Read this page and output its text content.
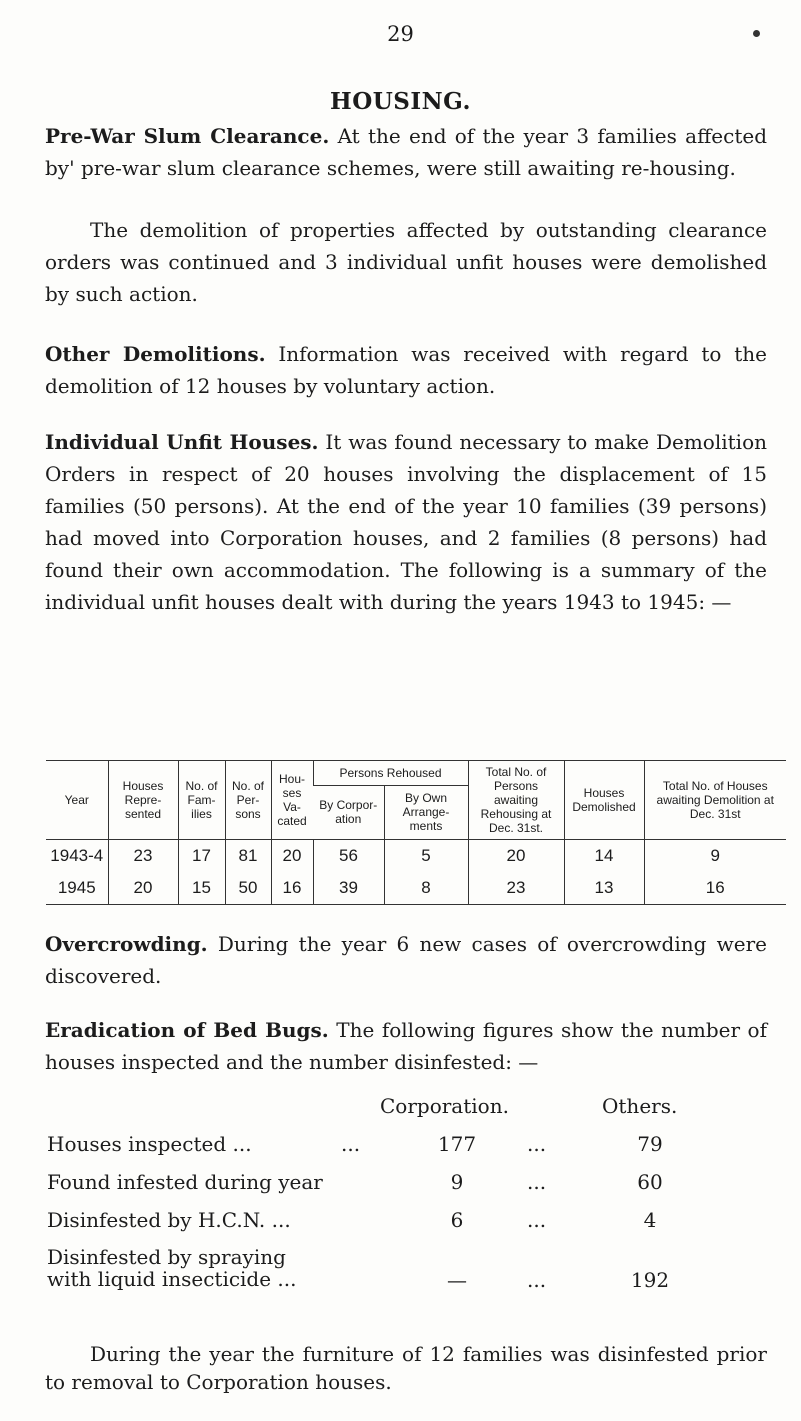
29
HOUSING.

Pre-War Slum Clearance. At the end of the year 3 families affected by' pre-war slum clearance schemes, were still awaiting re-housing.

The demolition of properties affected by outstanding clearance orders was continued and 3 individual unfit houses were demolished by such action.

Other Demolitions. Information was received with regard to the demolition of 12 houses by voluntary action.

Individual Unfit Houses. It was found necessary to make Demolition Orders in respect of 20 houses involving the displacement of 15 families (50 persons). At the end of the year 10 families (39 persons) had moved into Corporation houses, and 2 families (8 persons) had found their own accommodation. The following is a summary of the individual unfit houses dealt with during the years 1943 to 1945: —

Year	Houses Repre- sented	No. of Fam- ilies	No. of Per- sons	Hou- ses Va- cated	Persons Rehoused		Total No. of Persons awaiting Rehousing at Dec. 31st.	Houses Demolished	Total No. of Houses awaiting Demolition at Dec. 31st
					By Corpor- ation	By Own Arrange- ments			
1943-4	23	17	81	20	56	5	20	14	9
1945	20	15	50	16	39	8	23	13	16

Overcrowding. During the year 6 new cases of overcrowding were discovered.

Eradication of Bed Bugs. The following figures show the number of houses inspected and the number disinfested: —

Corporation.	Others.
Houses inspected ...	...	177	...	79
Found infested during year	9	...	60
Disinfested by H.C.N. ...	6	...	4
Disinfested by spraying
with liquid insecticide ...	—	...	192

During the year the furniture of 12 families was disinfested prior to removal to Corporation houses.
